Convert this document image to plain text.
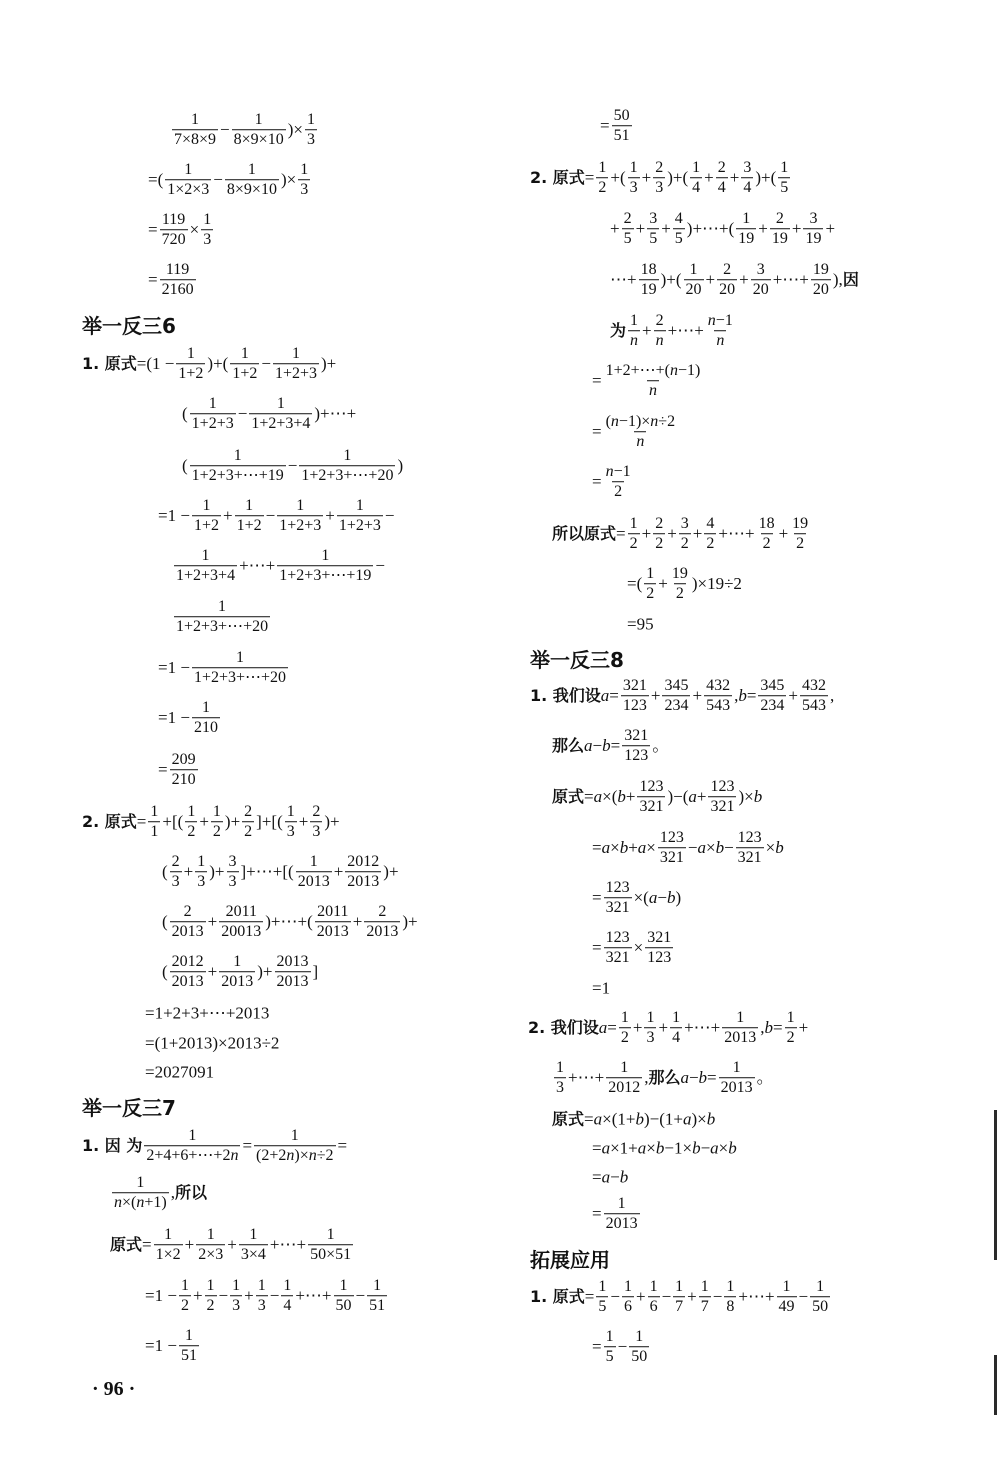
$\frac{1}{7\times 8\times 9} - \frac{1}{8\times 9\times 10}$ )× $\frac{1}{3}$
=( $\frac{1}{1\times 2\times 3} - \frac{1}{8\times 9\times 10}$ )× $\frac{1}{3}$
= $\frac{119}{720} \times \frac{1}{3}$
= $\frac{119}{2160}$
举一反三6
1. 原式 $=(1 - \frac{1}{1+2}$ )+( $\frac{1}{1+2} - \frac{1}{1+2+3}$ )+
( $\frac{1}{1+2+3} - \frac{1}{1+2+3+4}$ )+⋯+
( $\frac{1}{1+2+3+\cdots+19} - \frac{1}{1+2+3+\cdots+20}$ )
$=1 - \frac{1}{1+2} + \frac{1}{1+2} - \frac{1}{1+2+3} + \frac{1}{1+2+3}$ −
$\frac{1}{1+2+3+4}$ +⋯+ $\frac{1}{1+2+3+\cdots+19}$ −
$\frac{1}{1+2+3+\cdots+20}$
$=1 - \frac{1}{1+2+3+\cdots+20}$
$=1 - \frac{1}{210}$
= $\frac{209}{210}$
2. 原式 = $\frac{1}{1}$ +[( $\frac{1}{2} + \frac{1}{2}$ )+ $\frac{2}{2}$ ]+[( $\frac{1}{3} + \frac{2}{3}$ )+
( $\frac{2}{3} + \frac{1}{3}$ )+ $\frac{3}{3}$ ]+⋯+[( $\frac{1}{2013} + \frac{2012}{2013}$ )+
( $\frac{2}{2013} + \frac{2011}{20013}$ )+⋯+( $\frac{2011}{2013} + \frac{2}{2013}$ )+
( $\frac{2012}{2013} + \frac{1}{2013}$ )+ $\frac{2013}{2013}$ ]
=1+2+3+⋯+2013
=(1+2013)×2013÷2
=2027091
举一反三7
1. 因 为 $\frac{1}{2+4+6+\cdots+2n} = \frac{1}{(2+2n)\times n\div 2}$ =
$\frac{1}{n\times(n+1)}$ , 所以
原式 = $\frac{1}{1\times 2} + \frac{1}{2\times 3} + \frac{1}{3\times 4}$ +⋯+ $\frac{1}{50\times 51}$
$=1 - \frac{1}{2} + \frac{1}{2} - \frac{1}{3} + \frac{1}{3} - \frac{1}{4}$ +⋯+ $\frac{1}{50} - \frac{1}{51}$
$=1 - \frac{1}{51}$
= $\frac{50}{51}$
2. 原式 = $\frac{1}{2}$ +( $\frac{1}{3} + \frac{2}{3}$ )+( $\frac{1}{4} + \frac{2}{4} + \frac{3}{4}$ )+( $\frac{1}{5}$
+ $\frac{2}{5} + \frac{3}{5} + \frac{4}{5}$ )+⋯+( $\frac{1}{19} + \frac{2}{19} + \frac{3}{19}$ +
⋯+ $\frac{18}{19}$ )+( $\frac{1}{20} + \frac{2}{20} + \frac{3}{20}$ +⋯+ $\frac{19}{20}$ ), 因
为 $\frac{1}{n} + \frac{2}{n}$ +⋯+ $\frac{n-1}{n}$
= $\frac{1+2+\cdots+(n-1)}{n}$
= $\frac{(n-1)\times n\div 2}{n}$
= $\frac{n-1}{2}$
所以原式 = $\frac{1}{2} + \frac{2}{2} + \frac{3}{2} + \frac{4}{2}$ +⋯+ $\frac{18}{2} + \frac{19}{2}$
=( $\frac{1}{2} + \frac{19}{2} )\times 19\div 2$
=95
举一反三8
1. 我们设 $a = \frac{321}{123} + \frac{345}{234} + \frac{432}{543}$ , $b = \frac{345}{234} + \frac{432}{543}$ ,
那么 $a - b = \frac{321}{123}$ 。
原式 = a ×( $b + \frac{123}{321}$ )−( $a + \frac{123}{321}$ )× b
= $a \times b + a \times \frac{123}{321} - a \times b - \frac{123}{321} \times b$
= $\frac{123}{321}$ ×( a − b )
= $\frac{123}{321} \times \frac{321}{123}$
=1
2. 我们设 $a = \frac{1}{2} + \frac{1}{3} + \frac{1}{4}$ +⋯+ $\frac{1}{2013}$ , $b = \frac{1}{2}$ +
$\frac{1}{3}$ +⋯+ $\frac{1}{2012}$ , 那么 $a - b = \frac{1}{2013}$ 。
原式 = a ×(1+ b )−(1+ a )× b
= a ×1+ a × b −1× b − a × b
= a − b
= $\frac{1}{2013}$
拓展应用
1. 原式 = $\frac{1}{5} - \frac{1}{6} + \frac{1}{6} - \frac{1}{7} + \frac{1}{7} - \frac{1}{8}$ +⋯+ $\frac{1}{49} - \frac{1}{50}$
= $\frac{1}{5} - \frac{1}{50}$
· 96 ·
